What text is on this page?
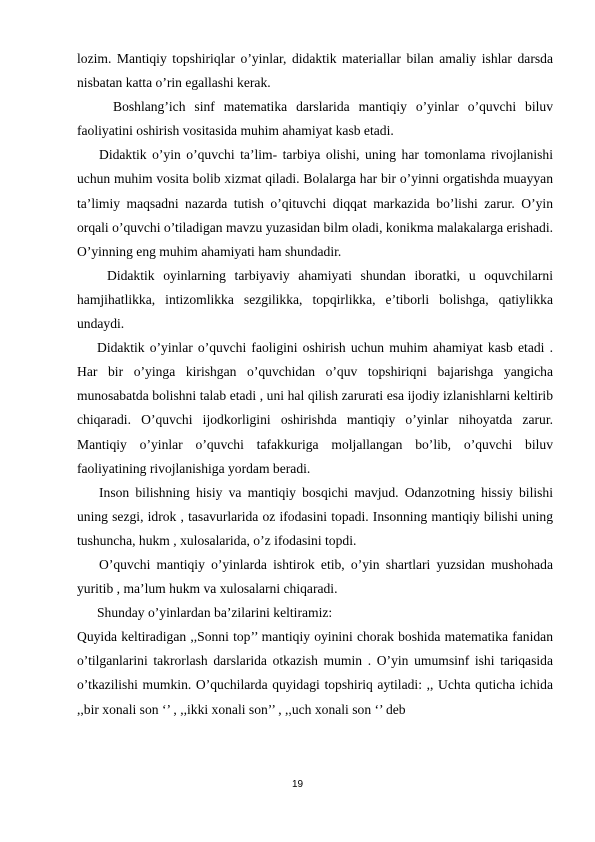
lozim. Mantiqiy topshiriqlar o’yinlar, didaktik materiallar bilan amaliy ishlar darsda nisbatan katta o’rin egallashi kerak.

Boshlang’ich sinf matematika darslarida mantiqiy o’yinlar o’quvchi biluv faoliyatini oshirish vositasida muhim ahamiyat kasb etadi.

Didaktik o’yin o’quvchi ta’lim- tarbiya olishi, uning har tomonlama rivojlanishi uchun muhim vosita bolib xizmat qiladi. Bolalarga har bir o’yinni orgatishda muayyan ta’limiy maqsadni nazarda tutish o’qituvchi diqqat markazida bo’lishi zarur. O’yin orqali o’quvchi o’tiladigan mavzu yuzasidan bilm oladi, konikma malakalarga erishadi. O’yinning eng muhim ahamiyati ham shundadir.

Didaktik oyinlarning tarbiyaviy ahamiyati shundan iboratki, u oquvchilarni hamjihatlikka, intizomlikka sezgilikka, topqirlikka, e’tiborli bolishga, qatiylikka undaydi.

Didaktik o’yinlar o’quvchi faoligini oshirish uchun muhim ahamiyat kasb etadi . Har bir o’yinga kirishgan o’quvchidan o’quv topshiriqni bajarishga yangicha munosabatda bolishni talab etadi , uni hal qilish zarurati esa ijodiy izlanishlarni keltirib chiqaradi. O’quvchi ijodkorligini oshirishda mantiqiy o’yinlar nihoyatda zarur. Mantiqiy o’yinlar o’quvchi tafakkuriga moljallangan bo’lib, o’quvchi biluv faoliyatining rivojlanishiga yordam beradi.

Inson bilishning hisiy va mantiqiy bosqichi mavjud. Odanzotning hissiy bilishi uning sezgi, idrok , tasavurlarida oz ifodasini topadi. Insonning mantiqiy bilishi uning tushuncha, hukm , xulosalarida, o’z ifodasini topdi.

O’quvchi mantiqiy o’yinlarda ishtirok etib, o’yin shartlari yuzsidan mushohada yuritib , ma’lum hukm va xulosalarni chiqaradi.

Shunday o’yinlardan ba’zilarini keltiramiz:

Quyida keltiradigan ,,Sonni top’’ mantiqiy oyinini chorak boshida matematika fanidan o’tilganlarini takrorlash darslarida otkazish mumin . O’yin umumsinf ishi tariqasida o’tkazilishi mumkin. O’quchilarda quyidagi topshiriq aytiladi: ,, Uchta qutichа ichida ,,bir xonali son ‘’ , ,,ikki xonali son’’ , ,,uch xonali son ‘’ deb

19
